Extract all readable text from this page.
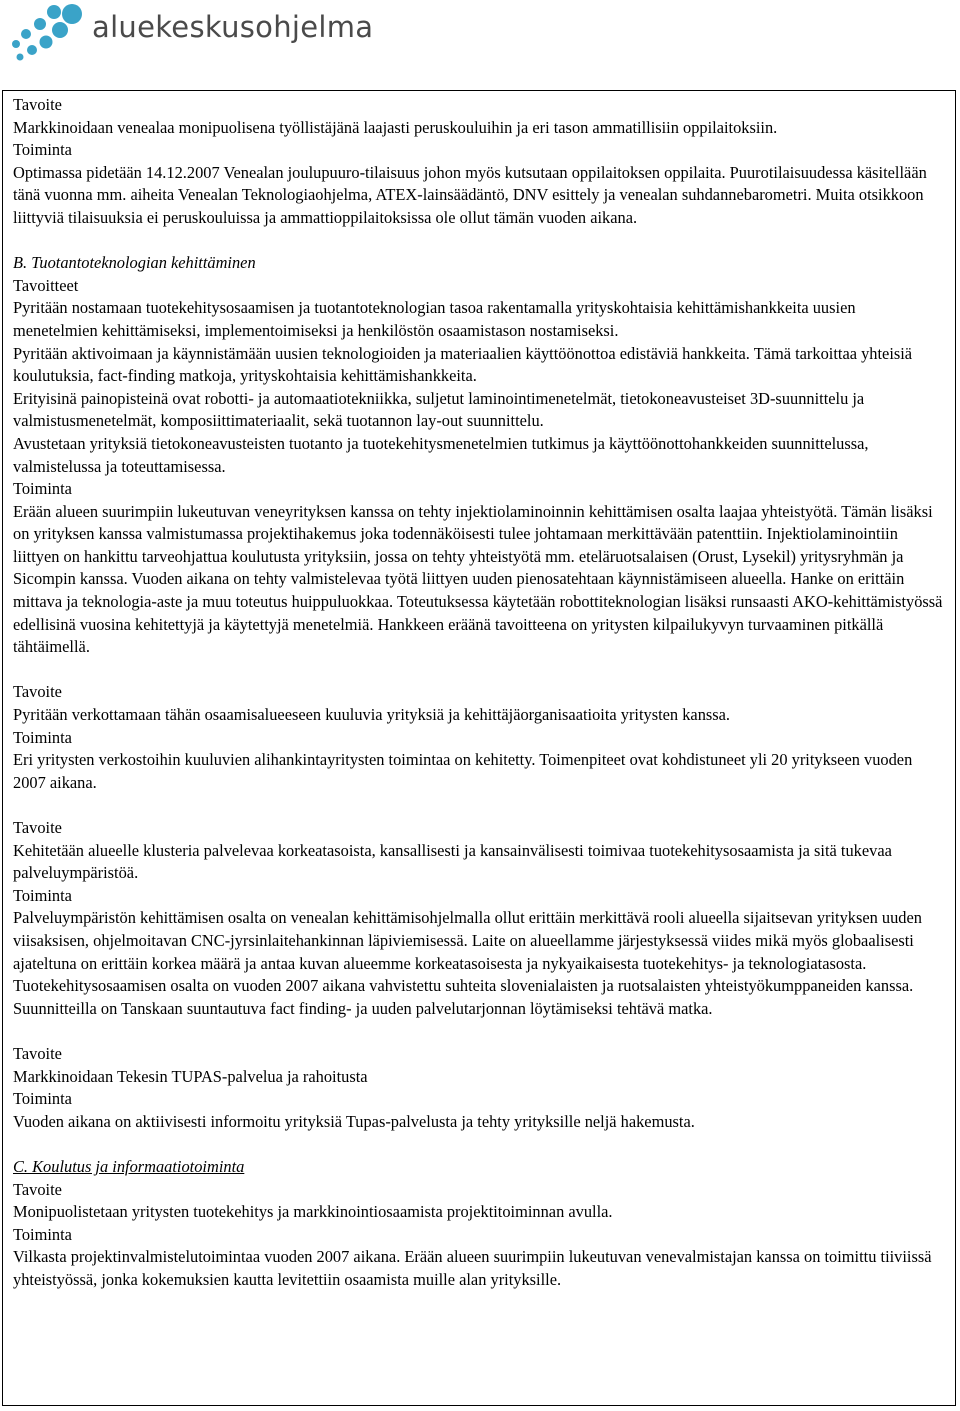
aluekeskusohjelma

Tavoite

Markkinoidaan venealaa monipuolisena työllistäjänä laajasti peruskouluihin ja eri tason ammatillisiin oppilaitoksiin.

Toiminta

Optimassa pidetään 14.12.2007 Venealan joulupuuro-tilaisuus johon myös kutsutaan oppilaitoksen oppilaita. Puurotilaisuudessa käsitellään tänä vuonna mm. aiheita Venealan Teknologiaohjelma, ATEX-lainsäädäntö, DNV esittely ja venealan suhdannebarometri. Muita otsikkoon liittyviä tilaisuuksia ei peruskouluissa ja ammattioppilaitoksissa ole ollut tämän vuoden aikana.

B. Tuotantoteknologian kehittäminen

Tavoitteet

Pyritään nostamaan tuotekehitysosaamisen ja tuotantoteknologian tasoa rakentamalla yrityskohtaisia kehittämishankkeita uusien menetelmien kehittämiseksi, implementoimiseksi ja henkilöstön osaamistason nostamiseksi.

Pyritään aktivoimaan ja käynnistämään uusien teknologioiden ja materiaalien käyttöönottoa edistäviä hankkeita. Tämä tarkoittaa yhteisiä koulutuksia, fact-finding matkoja, yrityskohtaisia kehittämishankkeita.

Erityisinä painopisteinä ovat robotti- ja automaatiotekniikka, suljetut laminointimenetelmät, tietokoneavusteiset 3D-suunnittelu ja valmistusmenetelmät, komposiittimateriaalit, sekä tuotannon lay-out suunnittelu.

Avustetaan yrityksiä tietokoneavusteisten tuotanto ja tuotekehitysmenetelmien tutkimus ja käyttöönottohankkeiden suunnittelussa, valmistelussa ja toteuttamisessa.

Toiminta

Erään alueen suurimpiin lukeutuvan veneyrityksen kanssa on tehty injektiolaminoinnin kehittämisen osalta laajaa yhteistyötä. Tämän lisäksi on yrityksen kanssa valmistumassa projektihakemus joka todennäköisesti tulee johtamaan merkittävään patenttiin. Injektiolaminointiin liittyen on hankittu tarveohjattua koulutusta yrityksiin, jossa on tehty yhteistyötä mm. eteläruotsalaisen (Orust, Lysekil) yritysryhmän ja Sicompin kanssa. Vuoden aikana on tehty valmistelevaa työtä liittyen uuden pienosatehtaan käynnistämiseen alueella. Hanke on erittäin mittava ja teknologia-aste ja muu toteutus huippuluokkaa. Toteutuksessa käytetään robottiteknologian lisäksi runsaasti AKO-kehittämistyössä edellisinä vuosina kehitettyjä ja käytettyjä menetelmiä. Hankkeen eräänä tavoitteena on yritysten kilpailukyvyn turvaaminen pitkällä tähtäimellä.

Tavoite

Pyritään verkottamaan tähän osaamisalueeseen kuuluvia yrityksiä ja kehittäjäorganisaatioita yritysten kanssa.

Toiminta

Eri yritysten verkostoihin kuuluvien alihankintayritysten toimintaa on kehitetty. Toimenpiteet ovat kohdistuneet yli 20 yritykseen vuoden 2007 aikana.

Tavoite

Kehitetään alueelle klusteria palvelevaa korkeatasoista, kansallisesti ja kansainvälisesti toimivaa tuotekehitysosaamista ja sitä tukevaa palveluympäristöä.

Toiminta

Palveluympäristön kehittämisen osalta on venealan kehittämisohjelmalla ollut erittäin merkittävä rooli alueella sijaitsevan yrityksen uuden viisaksisen, ohjelmoitavan CNC-jyrsinlaitehankinnan läpiviemisessä. Laite on alueellamme järjestyksessä viides mikä myös globaalisesti ajateltuna on erittäin korkea määrä ja antaa kuvan alueemme korkeatasoisesta ja nykyaikaisesta tuotekehitys- ja teknologiatasosta. Tuotekehitysosaamisen osalta on vuoden 2007 aikana vahvistettu suhteita slovenialaisten ja ruotsalaisten yhteistyökumppaneiden kanssa. Suunnitteilla on Tanskaan suuntautuva fact finding- ja uuden palvelutarjonnan löytämiseksi tehtävä matka.

Tavoite

Markkinoidaan Tekesin TUPAS-palvelua ja rahoitusta

Toiminta

Vuoden aikana on aktiivisesti informoitu yrityksiä Tupas-palvelusta ja tehty yrityksille neljä hakemusta.

C. Koulutus ja informaatiotoiminta

Tavoite

Monipuolistetaan yritysten tuotekehitys ja markkinointiosaamista projektitoiminnan avulla.

Toiminta

Vilkasta projektinvalmistelutoimintaa vuoden 2007 aikana. Erään alueen suurimpiin lukeutuvan venevalmistajan kanssa on toimittu tiiviissä yhteistyössä, jonka kokemuksien kautta levitettiin osaamista muille alan yrityksille.
